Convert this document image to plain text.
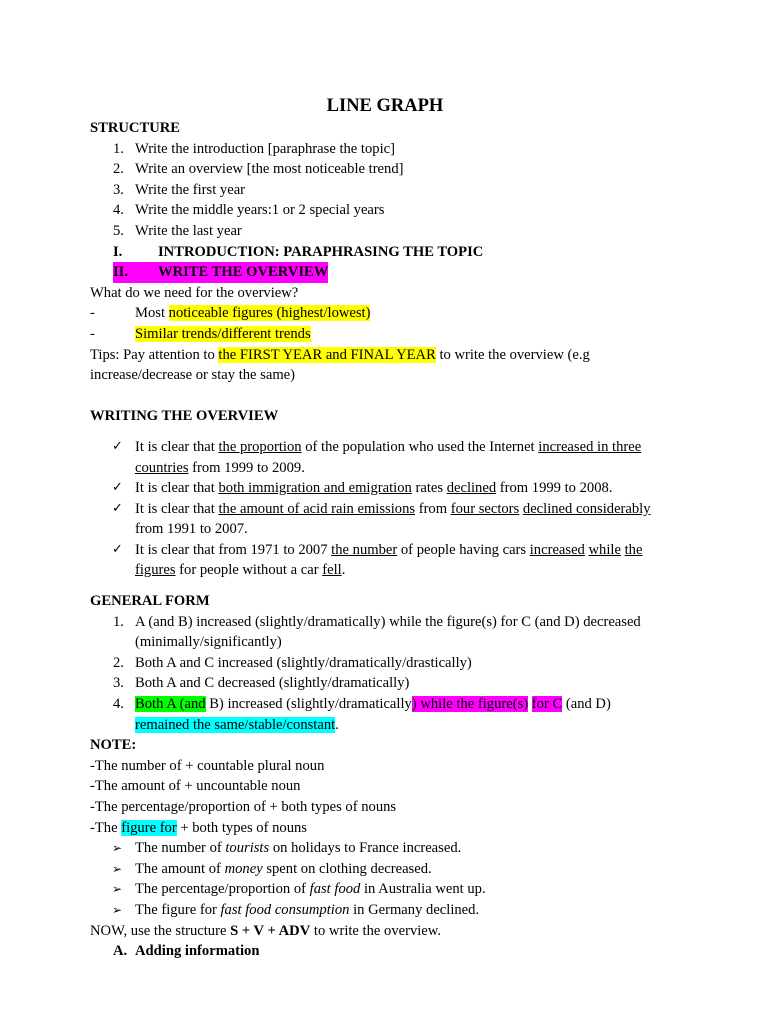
LINE GRAPH
STRUCTURE
1. Write the introduction [paraphrase the topic]
2. Write an overview [the most noticeable trend]
3. Write the first year
4. Write the middle years:1 or 2 special years
5. Write the last year
I.	INTRODUCTION: PARAPHRASING THE TOPIC
II.	WRITE THE OVERVIEW
What do we need for the overview?
-	Most noticeable figures (highest/lowest)
-	Similar trends/different trends
Tips: Pay attention to the FIRST YEAR and FINAL YEAR to write the overview (e.g
increase/decrease or stay the same)
WRITING THE OVERVIEW
✓ It is clear that the proportion of the population who used the Internet increased in three
countries from 1999 to 2009.
✓ It is clear that both immigration and emigration rates declined from 1999 to 2008.
✓ It is clear that the amount of acid rain emissions from four sectors declined considerably
from 1991 to 2007.
✓ It is clear that from 1971 to 2007 the number of people having cars increased while the
figures for people without a car fell.
GENERAL FORM
1. A (and B) increased (slightly/dramatically) while the figure(s) for C (and D) decreased
(minimally/significantly)
2. Both A and C increased (slightly/dramatically/drastically)
3. Both A and C decreased (slightly/dramatically)
4. Both A (and B) increased (slightly/dramatically) while the figure(s) for C (and D)
remained the same/stable/constant.
NOTE:
-The number of + countable plural noun
-The amount of + uncountable noun
-The percentage/proportion of + both types of nouns
-The figure for + both types of nouns
➢ The number of tourists on holidays to France increased.
➢ The amount of money spent on clothing decreased.
➢ The percentage/proportion of fast food in Australia went up.
➢ The figure for fast food consumption in Germany declined.
NOW, use the structure S + V + ADV to write the overview.
A. Adding information
